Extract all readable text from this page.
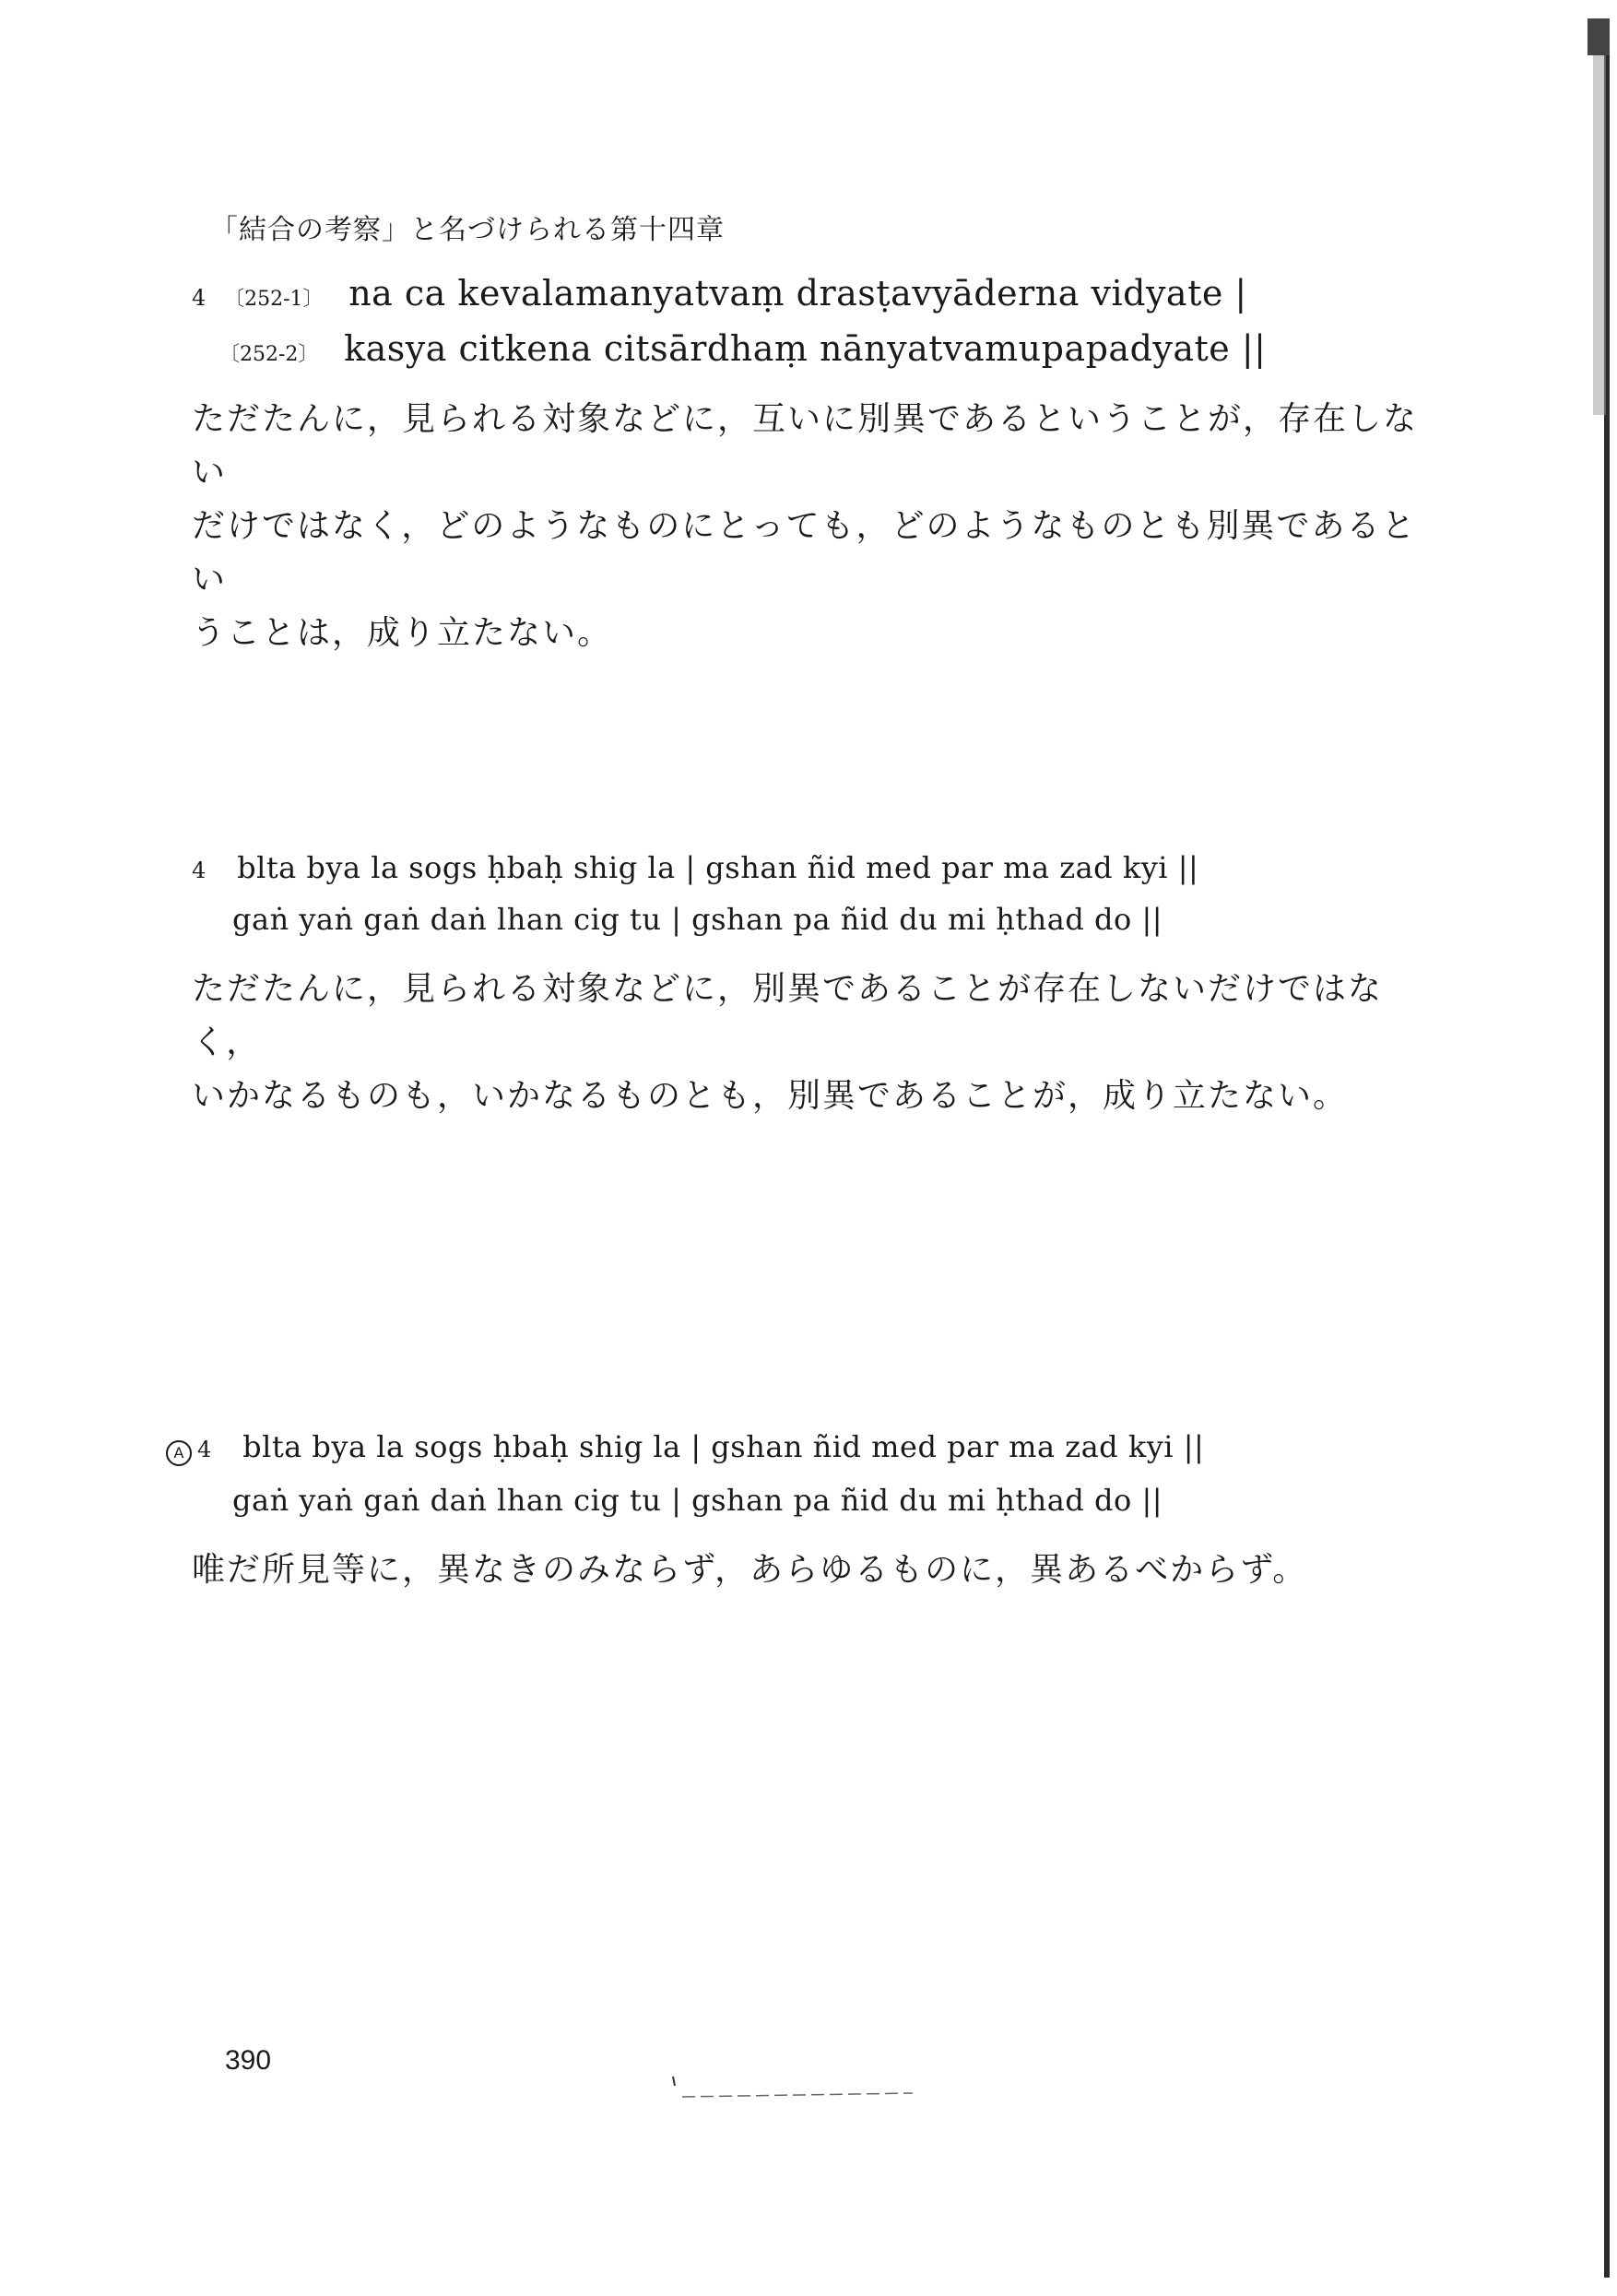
「結合の考察」と名づけられる第十四章
4 〔252-1〕 na ca kevalamanyatvaṃ drasṭavyāderna vidyate |
〔252-2〕 kasya citkena citsārdhaṃ nānyatvamupapadyate ||
ただたんに，見られる対象などに，互いに別異であるということが，存在しない
だけではなく，どのようなものにとっても，どのようなものとも別異であるとい
うことは，成り立たない。
4 blta bya la sogs ḥbaḥ shig la | gshan ñid med par ma zad kyi ||
gaṅ yaṅ gaṅ daṅ lhan cig tu | gshan pa ñid du mi ḥthad do ||
ただたんに，見られる対象などに，別異であることが存在しないだけではなく，
いかなるものも，いかなるものとも，別異であることが，成り立たない。
A 4 blta bya la sogs ḥbaḥ shig la | gshan ñid med par ma zad kyi ||
gaṅ yaṅ gaṅ daṅ lhan cig tu | gshan pa ñid du mi ḥthad do ||
唯だ所見等に，異なきのみならず，あらゆるものに，異あるべからず。
390
